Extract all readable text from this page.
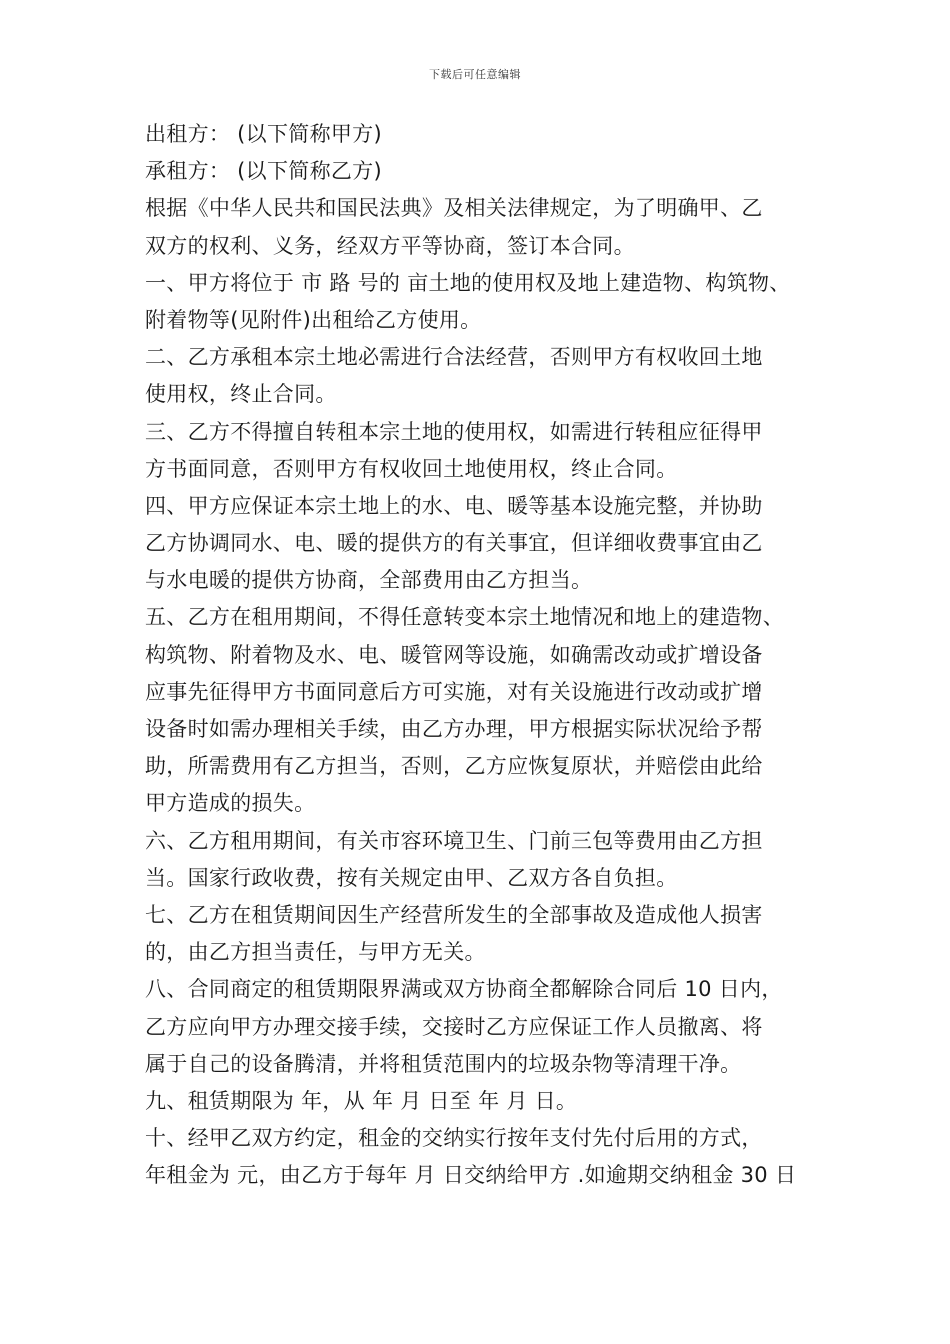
下载后可任意编辑
出租方： (以下简称甲方)
承租方： (以下简称乙方)
根据《中华人民共和国民法典》及相关法律规定，为了明确甲、乙
双方的权利、义务，经双方平等协商，签订本合同。
一、甲方将位于 市 路 号的 亩土地的使用权及地上建造物、构筑物、
附着物等(见附件)出租给乙方使用。
二、乙方承租本宗土地必需进行合法经营，否则甲方有权收回土地
使用权，终止合同。
三、乙方不得擅自转租本宗土地的使用权，如需进行转租应征得甲
方书面同意，否则甲方有权收回土地使用权，终止合同。
四、甲方应保证本宗土地上的水、电、暖等基本设施完整，并协助
乙方协调同水、电、暖的提供方的有关事宜，但详细收费事宜由乙
与水电暖的提供方协商，全部费用由乙方担当。
五、乙方在租用期间，不得任意转变本宗土地情况和地上的建造物、
构筑物、附着物及水、电、暖管网等设施，如确需改动或扩增设备
应事先征得甲方书面同意后方可实施，对有关设施进行改动或扩增
设备时如需办理相关手续，由乙方办理，甲方根据实际状况给予帮
助，所需费用有乙方担当，否则，乙方应恢复原状，并赔偿由此给
甲方造成的损失。
六、乙方租用期间，有关市容环境卫生、门前三包等费用由乙方担
当。国家行政收费，按有关规定由甲、乙双方各自负担。
七、乙方在租赁期间因生产经营所发生的全部事故及造成他人损害
的，由乙方担当责任，与甲方无关。
八、合同商定的租赁期限界满或双方协商全都解除合同后 10 日内，
乙方应向甲方办理交接手续，交接时乙方应保证工作人员撤离、将
属于自己的设备腾清，并将租赁范围内的垃圾杂物等清理干净。
九、租赁期限为 年，从 年 月 日至 年 月 日。
十、经甲乙双方约定，租金的交纳实行按年支付先付后用的方式，
年租金为 元，由乙方于每年 月 日交纳给甲方 .如逾期交纳租金 30 日
